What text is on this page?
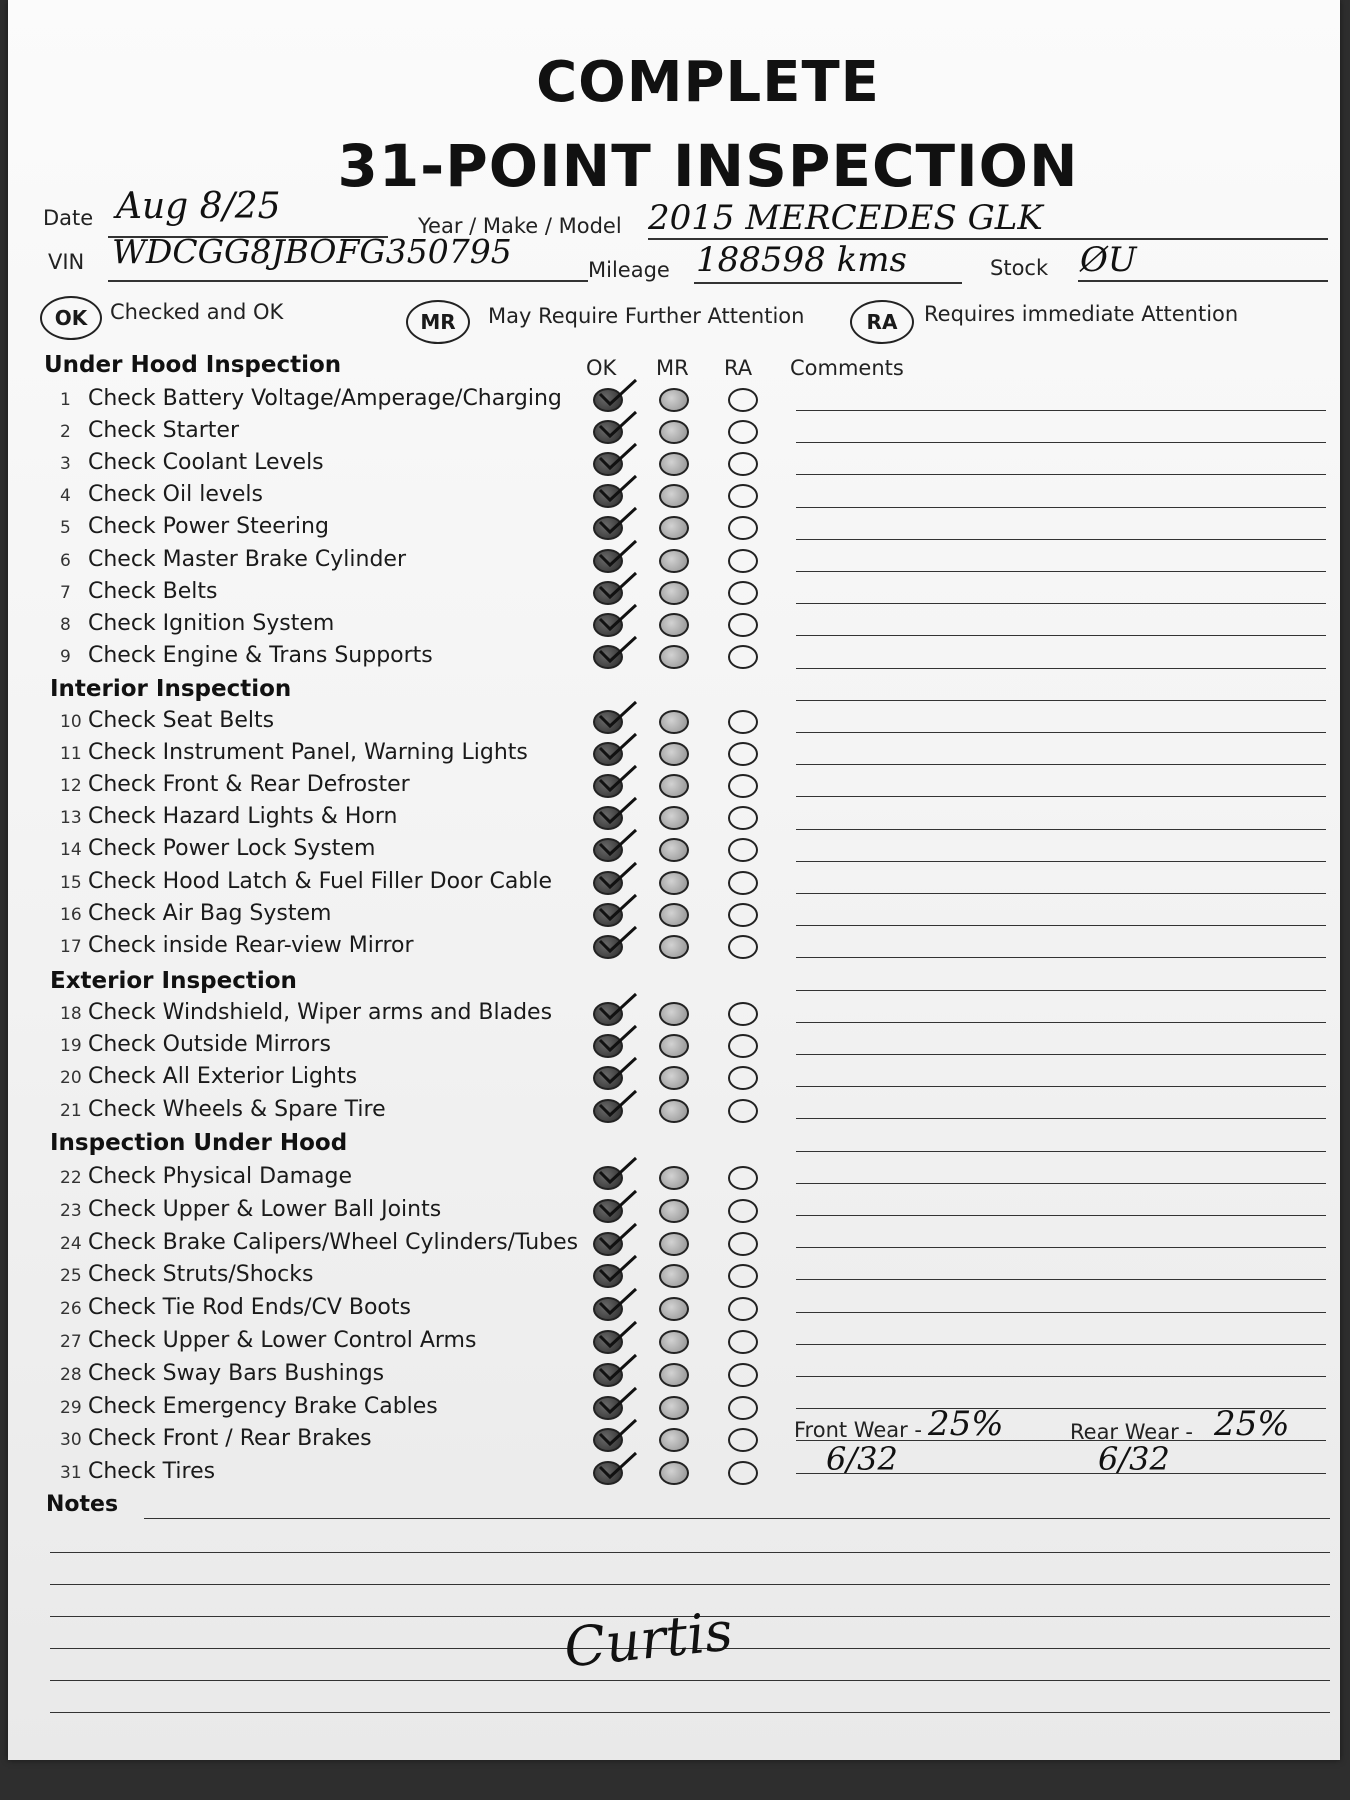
COMPLETE
31-POINT INSPECTION
Date Aug 8/25	Year / Make / Model 2015 MERCEDES GLK
VIN WDCGG8JBOFG350795	Mileage 188598 kms	Stock ØU
OK	Checked and OK	MR	May Require Further Attention	RA	Requires immediate Attention
OK MR RA Comments
Under Hood Inspection
1 Check Battery Voltage/Amperage/Charging
2 Check Starter
3 Check Coolant Levels
4 Check Oil levels
5 Check Power Steering
6 Check Master Brake Cylinder
7 Check Belts
8 Check Ignition System
9 Check Engine & Trans Supports
Interior Inspection
10 Check Seat Belts
11 Check Instrument Panel, Warning Lights
12 Check Front & Rear Defroster
13 Check Hazard Lights & Horn
14 Check Power Lock System
15 Check Hood Latch & Fuel Filler Door Cable
16 Check Air Bag System
17 Check inside Rear-view Mirror
Exterior Inspection
18 Check Windshield, Wiper arms and Blades
19 Check Outside Mirrors
20 Check All Exterior Lights
21 Check Wheels & Spare Tire
Inspection Under Hood
22 Check Physical Damage
23 Check Upper & Lower Ball Joints
24 Check Brake Calipers/Wheel Cylinders/Tubes
25 Check Struts/Shocks
26 Check Tie Rod Ends/CV Boots
27 Check Upper & Lower Control Arms
28 Check Sway Bars Bushings
29 Check Emergency Brake Cables
30 Check Front / Rear Brakes
31 Check Tires
Front Wear - 25%
6/32
Rear Wear - 25%
6/32
Notes
Curtis
